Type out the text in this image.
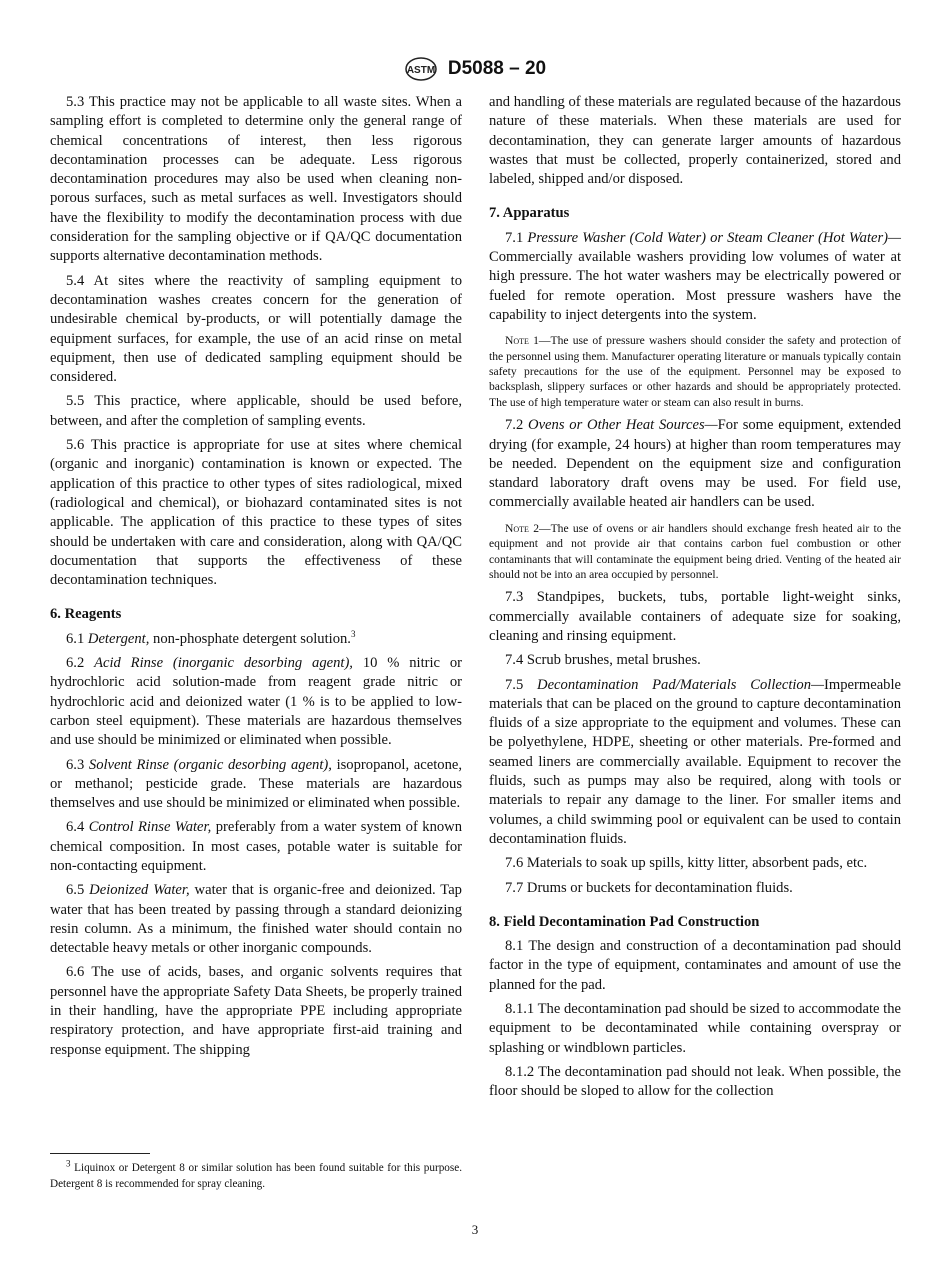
ASTM D5088 – 20
5.3 This practice may not be applicable to all waste sites. When a sampling effort is completed to determine only the general range of chemical concentrations of interest, then less rigorous decontamination processes can be adequate. Less rigorous decontamination procedures may also be used when cleaning non-porous surfaces, such as metal surfaces as well. Investigators should have the flexibility to modify the decontamination process with due consideration for the sampling objective or if QA/QC documentation supports alternative decontamination methods.
5.4 At sites where the reactivity of sampling equipment to decontamination washes creates concern for the generation of undesirable chemical by-products, or will potentially damage the equipment surfaces, for example, the use of an acid rinse on metal equipment, then use of dedicated sampling equipment should be considered.
5.5 This practice, where applicable, should be used before, between, and after the completion of sampling events.
5.6 This practice is appropriate for use at sites where chemical (organic and inorganic) contamination is known or expected. The application of this practice to other types of sites radiological, mixed (radiological and chemical), or biohazard contaminated sites is not applicable. The application of this practice to these types of sites should be undertaken with care and consideration, along with QA/QC documentation that supports the effectiveness of these decontamination techniques.
6. Reagents
6.1 Detergent, non-phosphate detergent solution.$^3$
6.2 Acid Rinse (inorganic desorbing agent), 10 % nitric or hydrochloric acid solution-made from reagent grade nitric or hydrochloric acid and deionized water (1 % is to be applied to low-carbon steel equipment). These materials are hazardous themselves and use should be minimized or eliminated when possible.
6.3 Solvent Rinse (organic desorbing agent), isopropanol, acetone, or methanol; pesticide grade. These materials are hazardous themselves and use should be minimized or eliminated when possible.
6.4 Control Rinse Water, preferably from a water system of known chemical composition. In most cases, potable water is suitable for non-contacting equipment.
6.5 Deionized Water, water that is organic-free and deionized. Tap water that has been treated by passing through a standard deionizing resin column. As a minimum, the finished water should contain no detectable heavy metals or other inorganic compounds.
6.6 The use of acids, bases, and organic solvents requires that personnel have the appropriate Safety Data Sheets, be properly trained in their handling, have the appropriate PPE including appropriate respiratory protection, and have appropriate first-aid training and response equipment. The shipping
and handling of these materials are regulated because of the hazardous nature of these materials. When these materials are used for decontamination, they can generate larger amounts of hazardous wastes that must be collected, properly containerized, stored and labeled, shipped and/or disposed.
7. Apparatus
7.1 Pressure Washer (Cold Water) or Steam Cleaner (Hot Water)—Commercially available washers providing low volumes of water at high pressure. The hot water washers may be electrically powered or fueled for remote operation. Most pressure washers have the capability to inject detergents into the system.
Note 1—The use of pressure washers should consider the safety and protection of the personnel using them. Manufacturer operating literature or manuals typically contain safety precautions for the use of the equipment. Personnel may be exposed to backsplash, slippery surfaces or other hazards and should be appropriately protected. The use of high temperature water or steam can also result in burns.
7.2 Ovens or Other Heat Sources—For some equipment, extended drying (for example, 24 hours) at higher than room temperatures may be needed. Dependent on the equipment size and configuration standard laboratory draft ovens may be used. For field use, commercially available heated air handlers can be used.
Note 2—The use of ovens or air handlers should exchange fresh heated air to the equipment and not provide air that contains carbon fuel combustion or other contaminants that will contaminate the equipment being dried. Venting of the heated air should not be into an area occupied by personnel.
7.3 Standpipes, buckets, tubs, portable light-weight sinks, commercially available containers of adequate size for soaking, cleaning and rinsing equipment.
7.4 Scrub brushes, metal brushes.
7.5 Decontamination Pad/Materials Collection—Impermeable materials that can be placed on the ground to capture decontamination fluids of a size appropriate to the equipment and volumes. These can be polyethylene, HDPE, sheeting or other materials. Pre-formed and seamed liners are commercially available. Equipment to recover the fluids, such as pumps may also be required, along with tools or materials to repair any damage to the liner. For smaller items and volumes, a child swimming pool or equivalent can be used to contain decontamination fluids.
7.6 Materials to soak up spills, kitty litter, absorbent pads, etc.
7.7 Drums or buckets for decontamination fluids.
8. Field Decontamination Pad Construction
8.1 The design and construction of a decontamination pad should factor in the type of equipment, contaminates and amount of use the planned for the pad.
8.1.1 The decontamination pad should be sized to accommodate the equipment to be decontaminated while containing overspray or splashing or windblown particles.
8.1.2 The decontamination pad should not leak. When possible, the floor should be sloped to allow for the collection
$^3$ Liquinox or Detergent 8 or similar solution has been found suitable for this purpose. Detergent 8 is recommended for spray cleaning.
3
